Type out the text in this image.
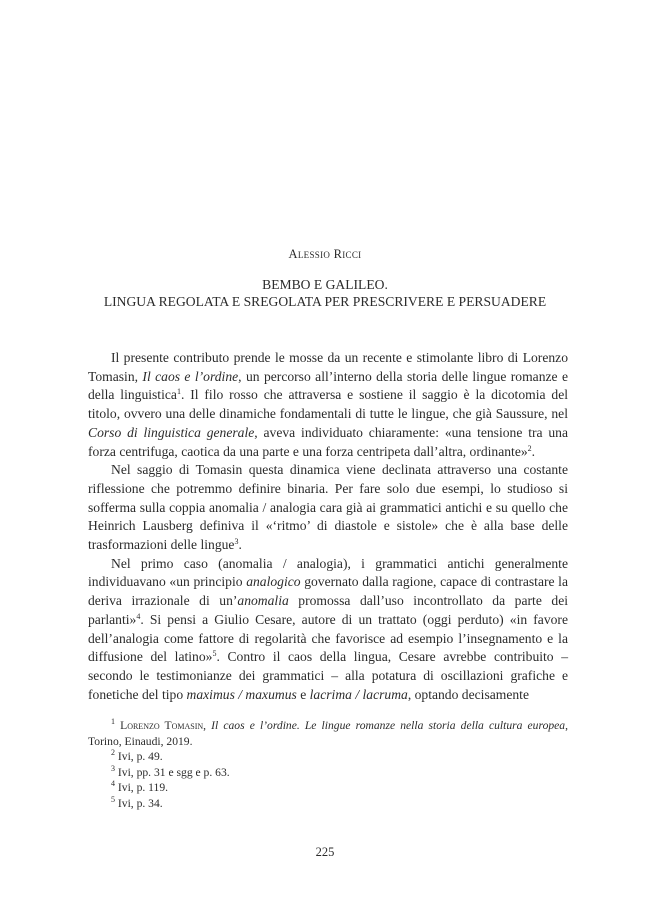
Alessio Ricci
BEMBO E GALILEO.
LINGUA REGOLATA E SREGOLATA PER PRESCRIVERE E PERSUADERE

Il presente contributo prende le mosse da un recente e stimolante libro di Lorenzo Tomasin, Il caos e l’ordine, un percorso all’interno della storia delle lingue romanze e della linguistica$^1$. Il filo rosso che attraversa e sostiene il saggio è la dicotomia del titolo, ovvero una delle dinamiche fondamentali di tutte le lingue, che già Saussure, nel Corso di linguistica generale, aveva individuato chiaramente: «una tensione tra una forza centrifuga, caotica da una parte e una forza centripeta dall’altra, ordinante»$^2$.

Nel saggio di Tomasin questa dinamica viene declinata attraverso una costante riflessione che potremmo definire binaria. Per fare solo due esempi, lo studioso si sofferma sulla coppia anomalia / analogia cara già ai grammatici antichi e su quello che Heinrich Lausberg definiva il «‘ritmo’ di diastole e sistole» che è alla base delle trasformazioni delle lingue$^3$.

Nel primo caso (anomalia / analogia), i grammatici antichi generalmente individuavano «un principio analogico governato dalla ragione, capace di contrastare la deriva irrazionale di un’anomalia promossa dall’uso incontrollato da parte dei parlanti»$^4$. Si pensi a Giulio Cesare, autore di un trattato (oggi perduto) «in favore dell’analogia come fattore di regolarità che favorisce ad esempio l’insegnamento e la diffusione del latino»$^5$. Contro il caos della lingua, Cesare avrebbe contribuito – secondo le testimonianze dei grammatici – alla potatura di oscillazioni grafiche e fonetiche del tipo maximus / maxumus e lacrima / lacruma, optando decisamente

$^1$ Lorenzo Tomasin, Il caos e l’ordine. Le lingue romanze nella storia della cultura europea, Torino, Einaudi, 2019.

$^2$ Ivi, p. 49.

$^3$ Ivi, pp. 31 e sgg e p. 63.

$^4$ Ivi, p. 119.

$^5$ Ivi, p. 34.

225
